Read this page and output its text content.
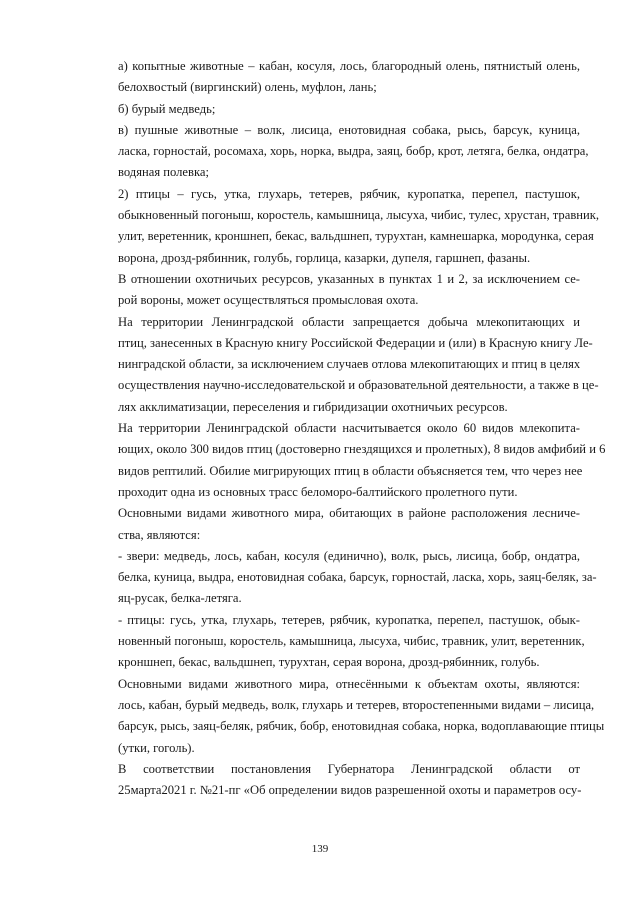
а) копытные животные – кабан, косуля, лось, благородный олень, пятнистый олень,
белохвостый (виргинский) олень, муфлон, лань;

б) бурый медведь;

в) пушные животные – волк, лисица, енотовидная собака, рысь, барсук, куница,
ласка, горностай, росомаха, хорь, норка, выдра, заяц, бобр, крот, летяга, белка, ондатра,
водяная полевка;

2) птицы – гусь, утка, глухарь, тетерев, рябчик, куропатка, перепел, пастушок,
обыкновенный погоныш, коростель, камышница, лысуха, чибис, тулес, хрустан, травник,
улит, веретенник, кроншнеп, бекас, вальдшнеп, турухтан, камнешарка, мородунка, серая
ворона, дрозд-рябинник, голубь, горлица, казарки, дупеля, гаршнеп, фазаны.

В отношении охотничьих ресурсов, указанных в пунктах 1 и 2, за исключением се-
рой вороны, может осуществляться промысловая охота.

На территории Ленинградской области запрещается добыча млекопитающих и
птиц, занесенных в Красную книгу Российской Федерации и (или) в Красную книгу Ле-
нинградской области, за исключением случаев отлова млекопитающих и птиц в целях
осуществления научно-исследовательской и образовательной деятельности, а также в це-
лях акклиматизации, переселения и гибридизации охотничьих ресурсов.

На территории Ленинградской области насчитывается около 60 видов млекопита-
ющих, около 300 видов птиц (достоверно гнездящихся и пролетных), 8 видов амфибий и 6
видов рептилий. Обилие мигрирующих птиц в области объясняется тем, что через нее
проходит одна из основных трасс беломоро-балтийского пролетного пути.

Основными видами животного мира, обитающих в районе расположения лесниче-
ства, являются:

- звери: медведь, лось, кабан, косуля (единично), волк, рысь, лисица, бобр, ондатра,
белка, куница, выдра, енотовидная собака, барсук, горностай, ласка, хорь, заяц-беляк, за-
яц-русак, белка-летяга.

- птицы: гусь, утка, глухарь, тетерев, рябчик, куропатка, перепел, пастушок, обык-
новенный погоныш, коростель, камышница, лысуха, чибис, травник, улит, веретенник,
кроншнеп, бекас, вальдшнеп, турухтан, серая ворона, дрозд-рябинник, голубь.

Основными видами животного мира, отнесёнными к объектам охоты, являются:
лось, кабан, бурый медведь, волк, глухарь и тетерев, второстепенными видами – лисица,
барсук, рысь, заяц-беляк, рябчик, бобр, енотовидная собака, норка, водоплавающие птицы
(утки, гоголь).

В соответствии постановления Губернатора Ленинградской области от
25марта2021 г. №21-пг «Об определении видов разрешенной охоты и параметров осу-

139
